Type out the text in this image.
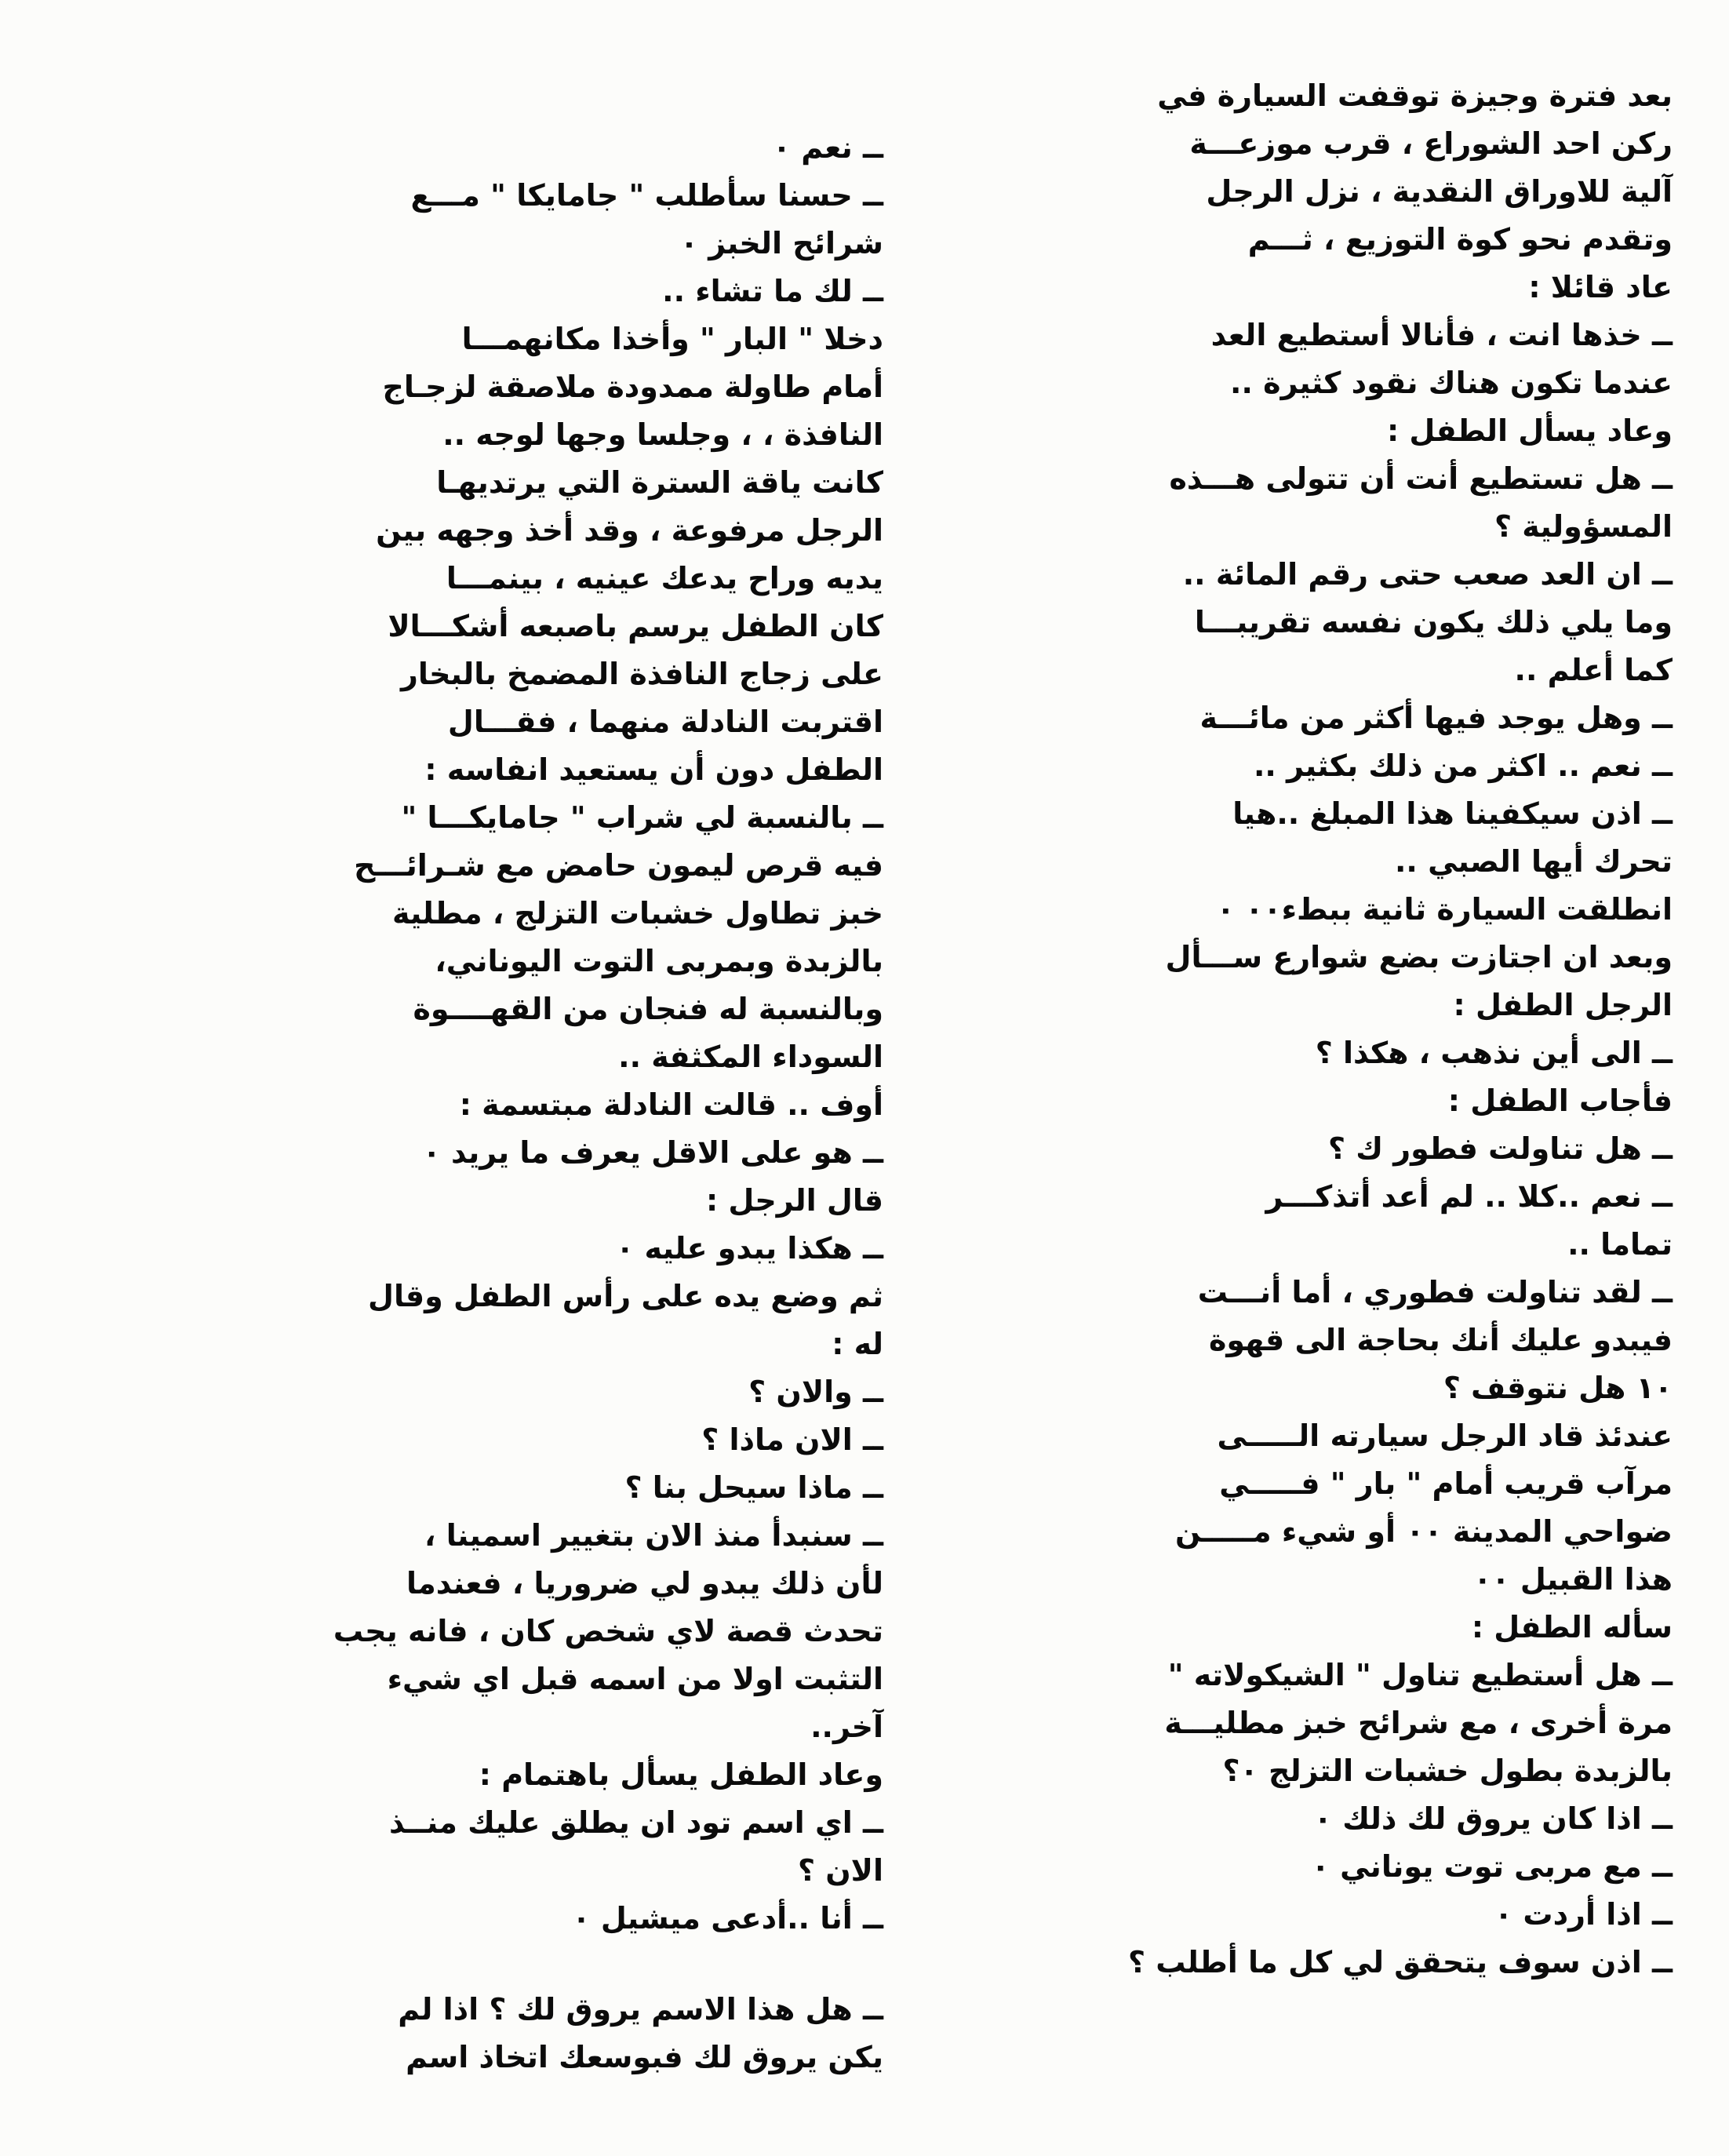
بعد فترة وجيزة توقفت السيارة في
ركن احد الشوراع ، قرب موزعـــة
آلية للاوراق النقدية ، نزل الرجل
وتقدم نحو كوة التوزيع ، ثـــم
عاد قائلا :
ــ خذها انت ، فأنالا أستطيع العد
عندما تكون هناك نقود كثيرة ..
وعاد يسأل الطفل :
ــ هل تستطيع أنت أن تتولى هـــذه
المسؤولية ؟
ــ ان العد صعب حتى رقم المائة ..
وما يلي ذلك يكون نفسه تقريبـــا
كما أعلم ..
ــ وهل يوجد فيها أكثر من مائـــة
ــ نعم .. اكثر من ذلك بكثير ..
ــ اذن سيكفينا هذا المبلغ ..هيا
تحرك أيها الصبي ..
انطلقت السيارة ثانية ببطء٠٠ ٠
وبعد ان اجتازت بضع شوارع ســـأل
الرجل الطفل :
ــ الى أين نذهب ، هكذا ؟
فأجاب الطفل :
ــ هل تناولت فطور ك ؟
ــ نعم ..كلا .. لم أعد أتذكـــر
تماما ..
ــ لقد تناولت فطوري ، أما أنـــت
فيبدو عليك أنك بحاجة الى قهوة
١٠ هل نتوقف ؟
عندئذ قاد الرجل سيارته الـــــى
مرآب قريب أمام " بار " فـــــي
ضواحي المدينة ٠٠ أو شيء مـــــن
هذا القبيل ٠٠
سأله الطفل :
ــ هل أستطيع تناول " الشيكولاته "
مرة أخرى ، مع شرائح خبز مطليـــة
بالزبدة بطول خشبات التزلج ٠؟
ــ اذا كان يروق لك ذلك ٠
ــ مع مربى توت يوناني ٠
ــ اذا أردت ٠
ــ اذن سوف يتحقق لي كل ما أطلب ؟
ــ نعم ٠
ــ حسنا سأطلب " جامايكا " مـــع
شرائح الخبز ٠
ــ لك ما تشاء ..
دخلا " البار " وأخذا مكانهمـــا
أمام طاولة ممدودة ملاصقة لزجـاج
النافذة ، ، وجلسا وجها لوجه ..
كانت ياقة السترة التي يرتديهـا
الرجل مرفوعة ، وقد أخذ وجهه بين
يديه وراح يدعك عينيه ، بينمـــا
كان الطفل يرسم باصبعه أشكـــالا
على زجاج النافذة المضمخ بالبخار
اقتربت النادلة منهما ، فقـــال
الطفل دون أن يستعيد انفاسه :
ــ بالنسبة لي شراب " جامايكـــا "
فيه قرص ليمون حامض مع شـرائـــح
خبز تطاول خشبات التزلج ، مطلية
بالزبدة وبمربى التوت اليوناني،
وبالنسبة له فنجان من القهــــوة
السوداء المكثفة ..
أوف .. قالت النادلة مبتسمة :
ــ هو على الاقل يعرف ما يريد ٠
قال الرجل :
ــ هكذا يبدو عليه ٠
ثم وضع يده على رأس الطفل وقال
له :
ــ والان ؟
ــ الان ماذا ؟
ــ ماذا سيحل بنا ؟
ــ سنبدأ منذ الان بتغيير اسمينا ،
لأن ذلك يبدو لي ضروريا ، فعندما
تحدث قصة لاي شخص كان ، فانه يجب
التثبت اولا من اسمه قبل اي شيء
آخر..
وعاد الطفل يسأل باهتمام :
ــ اي اسم تود ان يطلق عليك منــذ
الان ؟
ــ أنا ..أدعى ميشيل ٠
ــ هل هذا الاسم يروق لك ؟ اذا لم
يكن يروق لك فبوسعك اتخاذ اسم
